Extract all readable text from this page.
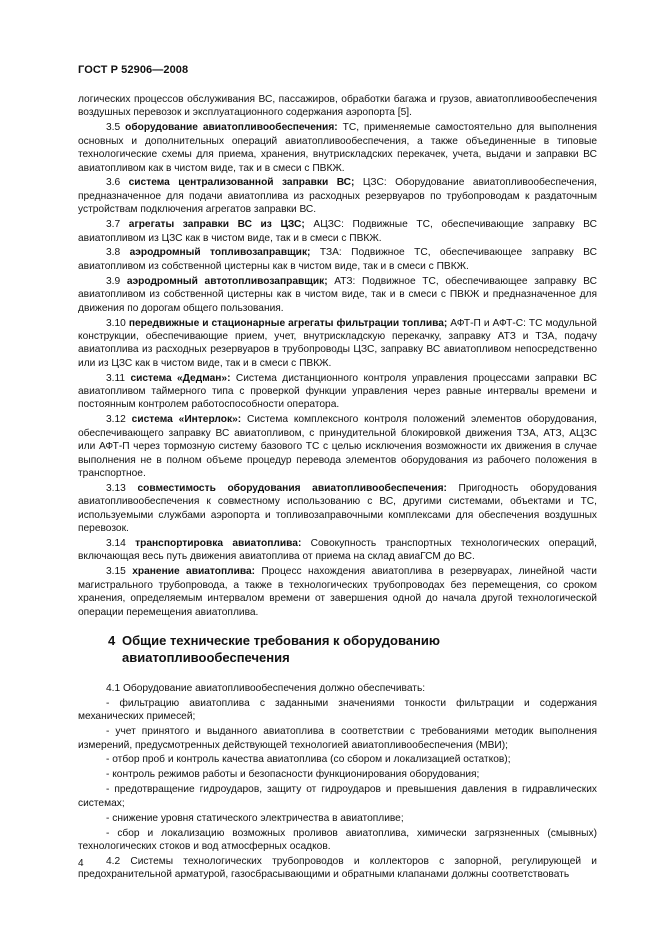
ГОСТ Р 52906—2008

логических процессов обслуживания ВС, пассажиров, обработки багажа и грузов, авиатопливообеспечения воздушных перевозок и эксплуатационного содержания аэропорта [5].

3.5 оборудование авиатопливообеспечения: ТС, применяемые самостоятельно для выполнения основных и дополнительных операций авиатопливообеспечения, а также объединенные в типовые технологические схемы для приема, хранения, внутрискладских перекачек, учета, выдачи и заправки ВС авиатопливом как в чистом виде, так и в смеси с ПВКЖ.

3.6 система централизованной заправки ВС; ЦЗС: Оборудование авиатопливообеспечения, предназначенное для подачи авиатоплива из расходных резервуаров по трубопроводам к раздаточным устройствам подключения агрегатов заправки ВС.

3.7 агрегаты заправки ВС из ЦЗС; АЦЗС: Подвижные ТС, обеспечивающие заправку ВС авиатопливом из ЦЗС как в чистом виде, так и в смеси с ПВКЖ.

3.8 аэродромный топливозаправщик; ТЗА: Подвижное ТС, обеспечивающее заправку ВС авиатопливом из собственной цистерны как в чистом виде, так и в смеси с ПВКЖ.

3.9 аэродромный автотопливозаправщик; АТЗ: Подвижное ТС, обеспечивающее заправку ВС авиатопливом из собственной цистерны как в чистом виде, так и в смеси с ПВКЖ и предназначенное для движения по дорогам общего пользования.

3.10 передвижные и стационарные агрегаты фильтрации топлива; АФТ-П и АФТ-С: ТС модульной конструкции, обеспечивающие прием, учет, внутрискладскую перекачку, заправку АТЗ и ТЗА, подачу авиатоплива из расходных резервуаров в трубопроводы ЦЗС, заправку ВС авиатопливом непосредственно или из ЦЗС как в чистом виде, так и в смеси с ПВКЖ.

3.11 система «Дедман»: Система дистанционного контроля управления процессами заправки ВС авиатопливом таймерного типа с проверкой функции управления через равные интервалы времени и постоянным контролем работоспособности оператора.

3.12 система «Интерлок»: Система комплексного контроля положений элементов оборудования, обеспечивающего заправку ВС авиатопливом, с принудительной блокировкой движения ТЗА, АТЗ, АЦЗС или АФТ-П через тормозную систему базового ТС с целью исключения возможности их движения в случае выполнения не в полном объеме процедур перевода элементов оборудования из рабочего положения в транспортное.

3.13 совместимость оборудования авиатопливообеспечения: Пригодность оборудования авиатопливообеспечения к совместному использованию с ВС, другими системами, объектами и ТС, используемыми службами аэропорта и топливозаправочными комплексами для обеспечения воздушных перевозок.

3.14 транспортировка авиатоплива: Совокупность транспортных технологических операций, включающая весь путь движения авиатоплива от приема на склад авиаГСМ до ВС.

3.15 хранение авиатоплива: Процесс нахождения авиатоплива в резервуарах, линейной части магистрального трубопровода, а также в технологических трубопроводах без перемещения, со сроком хранения, определяемым интервалом времени от завершения одной до начала другой технологической операции перемещения авиатоплива.

4 Общие технические требования к оборудованию
авиатопливообеспечения

4.1 Оборудование авиатопливообеспечения должно обеспечивать:

- фильтрацию авиатоплива с заданными значениями тонкости фильтрации и содержания механических примесей;

- учет принятого и выданного авиатоплива в соответствии с требованиями методик выполнения измерений, предусмотренных действующей технологией авиатопливообеспечения (МВИ);

- отбор проб и контроль качества авиатоплива (со сбором и локализацией остатков);

- контроль режимов работы и безопасности функционирования оборудования;

- предотвращение гидроударов, защиту от гидроударов и превышения давления в гидравлических системах;

- снижение уровня статического электричества в авиатопливе;

- сбор и локализацию возможных проливов авиатоплива, химически загрязненных (смывных) технологических стоков и вод атмосферных осадков.

4.2 Системы технологических трубопроводов и коллекторов с запорной, регулирующей и предохранительной арматурой, газосбрасывающими и обратными клапанами должны соответствовать

4
